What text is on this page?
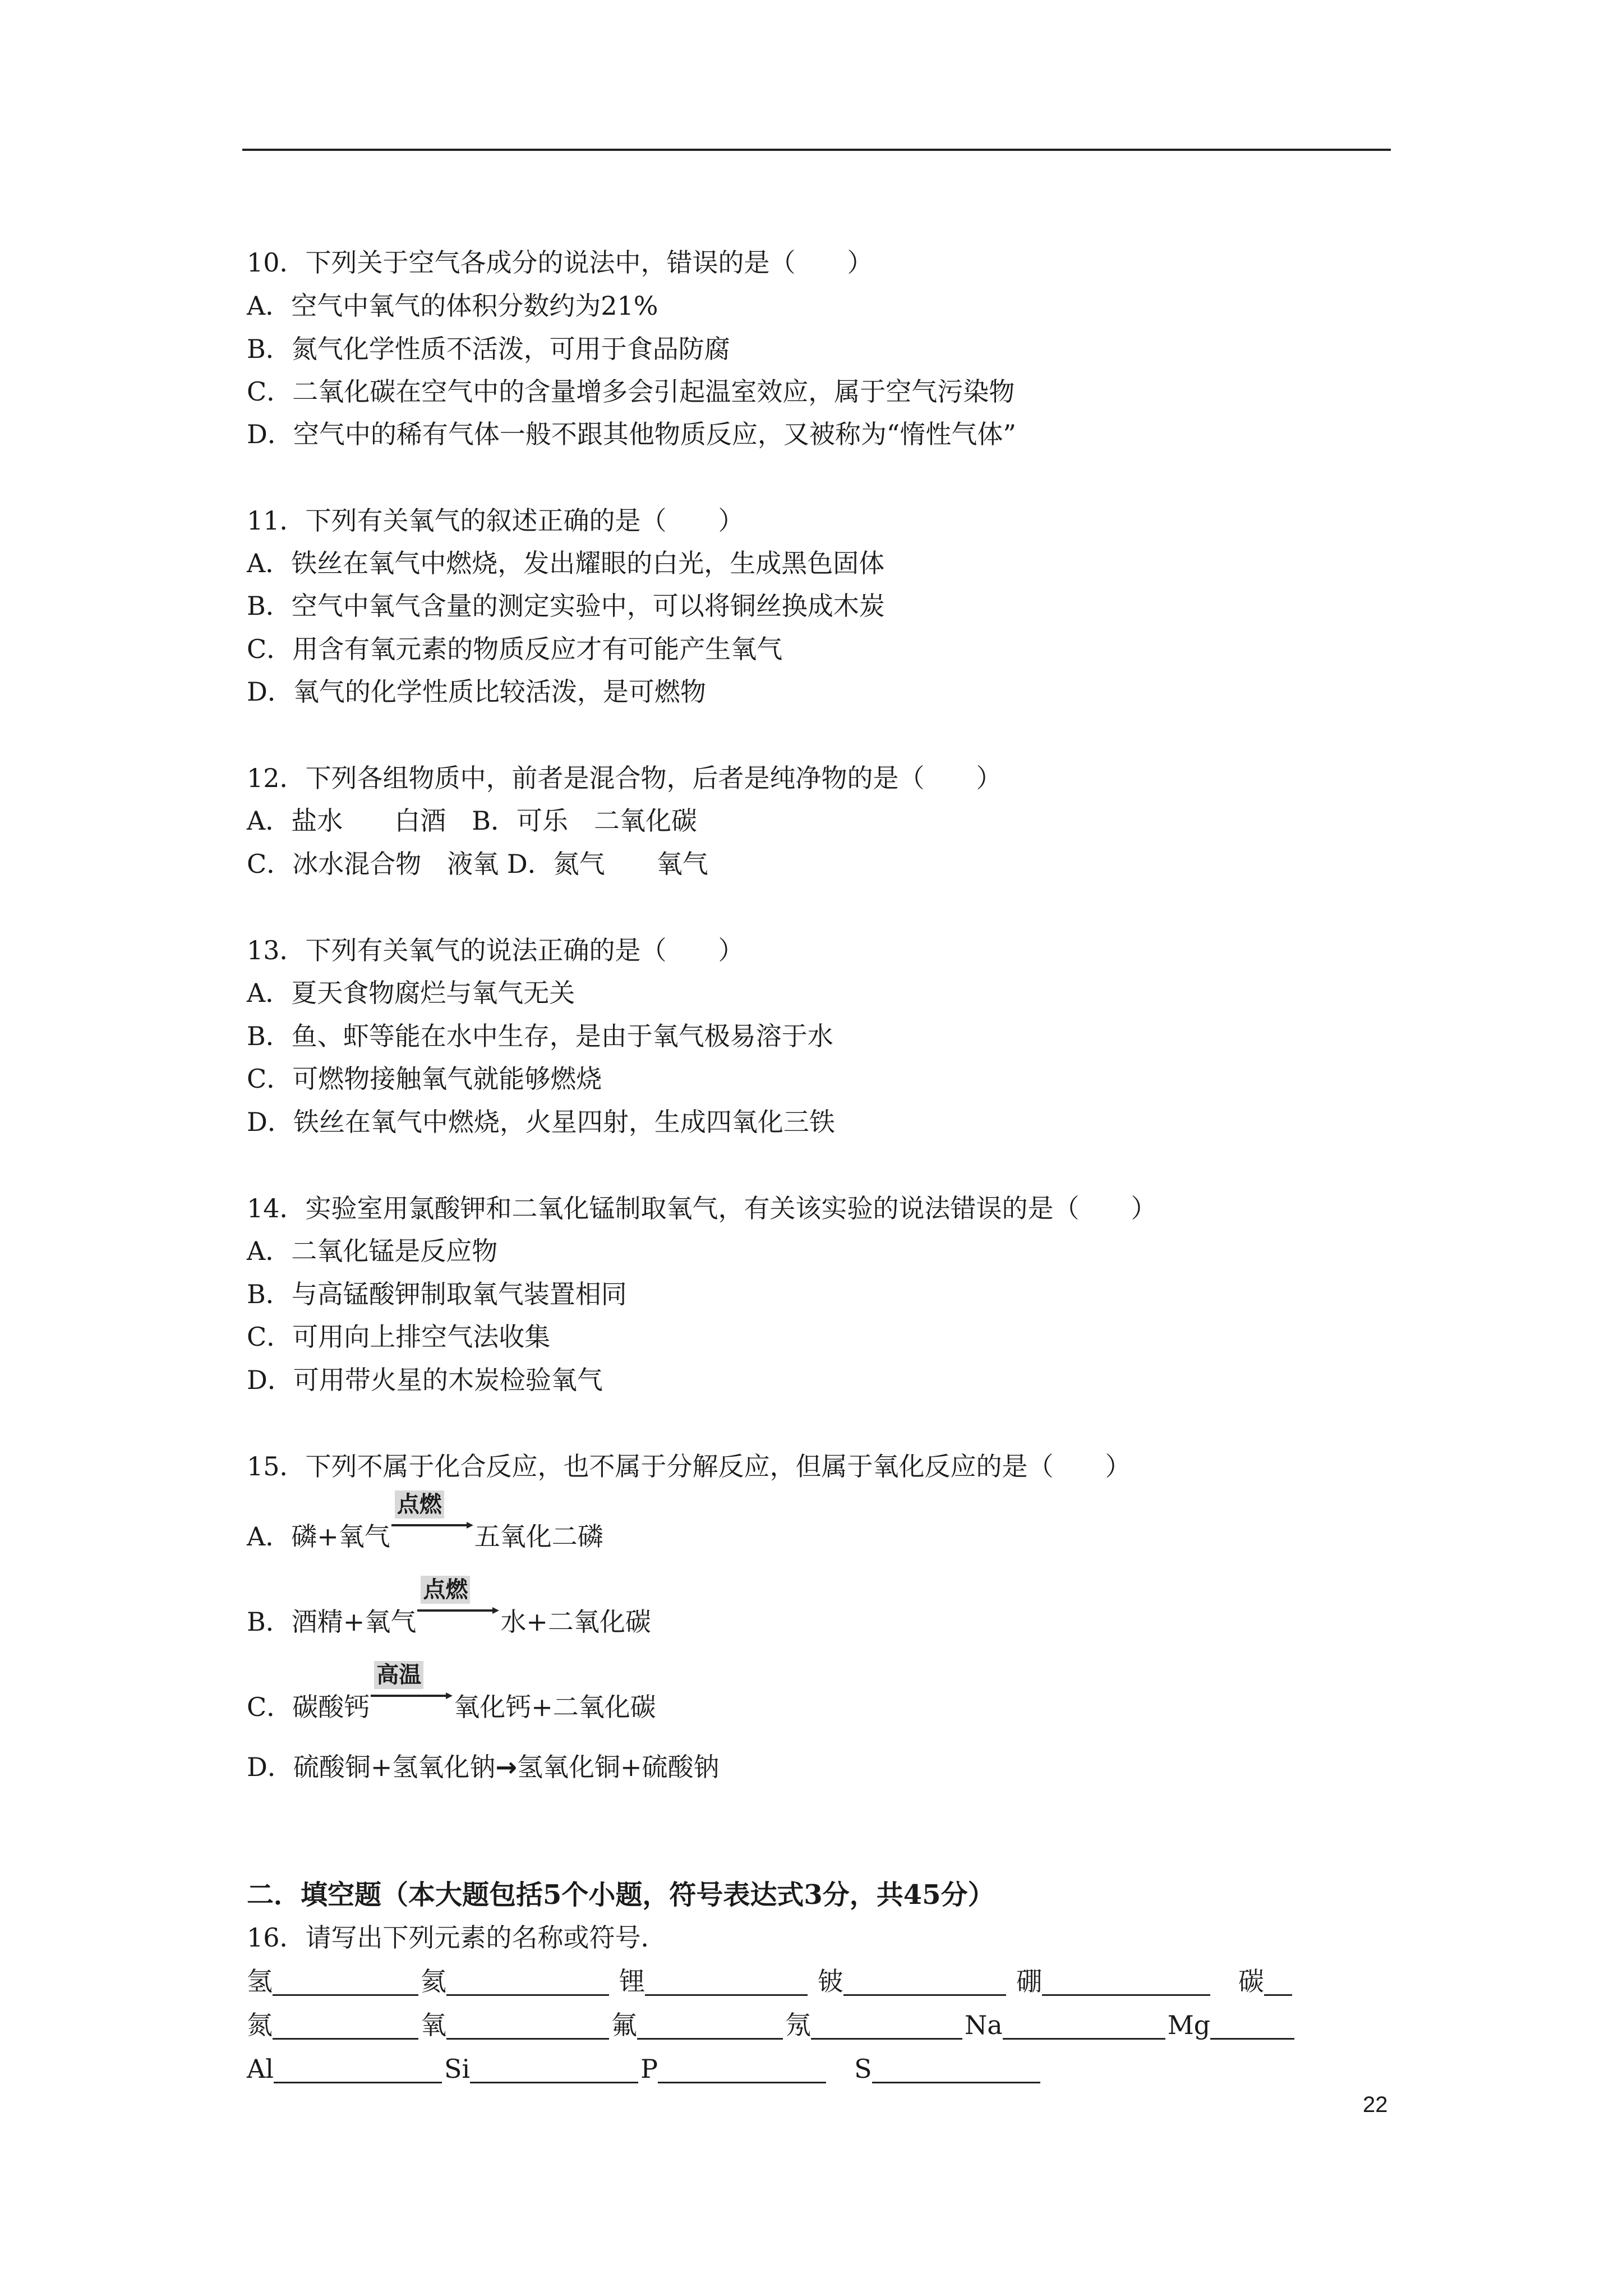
10．下列关于空气各成分的说法中，错误的是（　　）
A．空气中氧气的体积分数约为21%
B．氮气化学性质不活泼，可用于食品防腐
C．二氧化碳在空气中的含量增多会引起温室效应，属于空气污染物
D．空气中的稀有气体一般不跟其他物质反应，又被称为“惰性气体”
11．下列有关氧气的叙述正确的是（　　）
A．铁丝在氧气中燃烧，发出耀眼的白光，生成黑色固体
B．空气中氧气含量的测定实验中，可以将铜丝换成木炭
C．用含有氧元素的物质反应才有可能产生氧气
D．氧气的化学性质比较活泼，是可燃物
12．下列各组物质中，前者是混合物，后者是纯净物的是（　　）
A．盐水　　白酒　B．可乐　二氧化碳
C．冰水混合物　液氧 D．氮气　　氧气
13．下列有关氧气的说法正确的是（　　）
A．夏天食物腐烂与氧气无关
B．鱼、虾等能在水中生存，是由于氧气极易溶于水
C．可燃物接触氧气就能够燃烧
D．铁丝在氧气中燃烧，火星四射，生成四氧化三铁
14．实验室用氯酸钾和二氧化锰制取氧气，有关该实验的说法错误的是（　　）
A．二氧化锰是反应物
B．与高锰酸钾制取氧气装置相同
C．可用向上排空气法收集
D．可用带火星的木炭检验氧气
15．下列不属于化合反应，也不属于分解反应，但属于氧化反应的是（　　）
A．磷+氧气
点燃
五氧化二磷
B．酒精+氧气
点燃
水+二氧化碳
C．碳酸钙
高温
氧化钙+二氧化碳
D．硫酸铜+氢氧化钠→氢氧化铜+硫酸钠
二．填空题（本大题包括5个小题，符号表达式3分，共45分）
16．请写出下列元素的名称或符号．
氢	氦	锂	铍	硼	碳
氮	氧	氟	氖	Na	Mg
Al	Si	P	S
22
